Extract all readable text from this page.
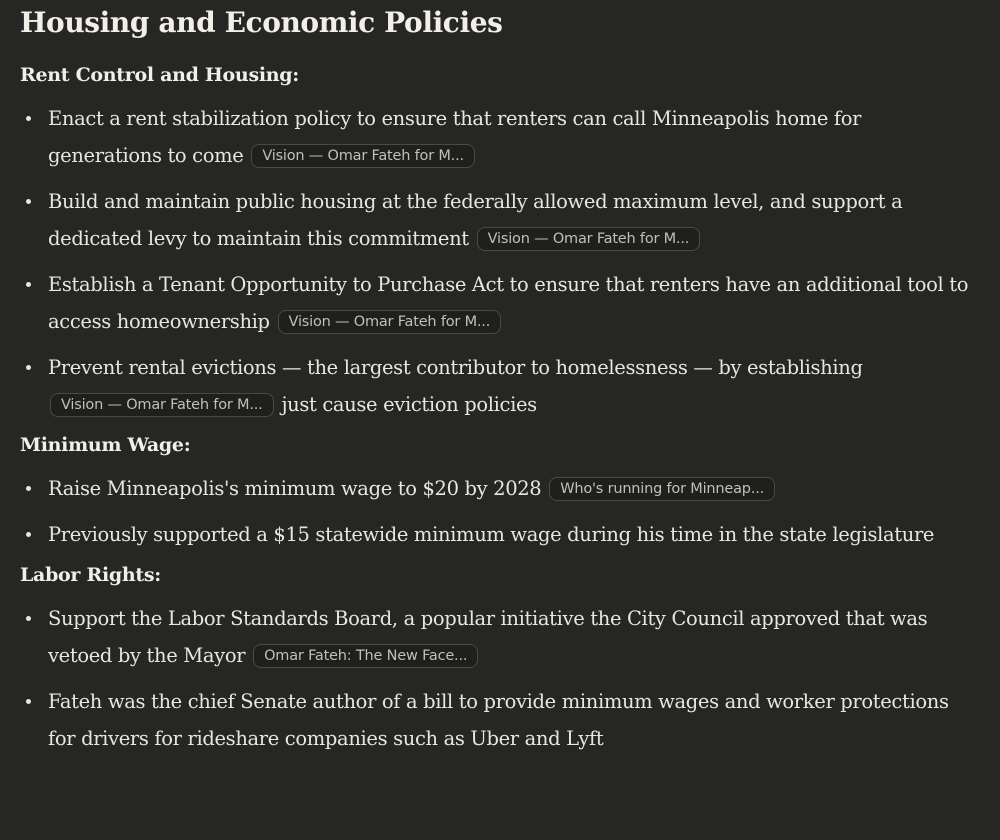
Housing and Economic Policies
Rent Control and Housing:
Enact a rent stabilization policy to ensure that renters can call Minneapolis home for generations to come Vision — Omar Fateh for M...
Build and maintain public housing at the federally allowed maximum level, and support a dedicated levy to maintain this commitment Vision — Omar Fateh for M...
Establish a Tenant Opportunity to Purchase Act to ensure that renters have an additional tool to access homeownership Vision — Omar Fateh for M...
Prevent rental evictions — the largest contributor to homelessness — by establishing Vision — Omar Fateh for M... just cause eviction policies
Minimum Wage:
Raise Minneapolis's minimum wage to $20 by 2028 Who's running for Minneap...
Previously supported a $15 statewide minimum wage during his time in the state legislature
Labor Rights:
Support the Labor Standards Board, a popular initiative the City Council approved that was vetoed by the Mayor Omar Fateh: The New Face...
Fateh was the chief Senate author of a bill to provide minimum wages and worker protections for drivers for rideshare companies such as Uber and Lyft
